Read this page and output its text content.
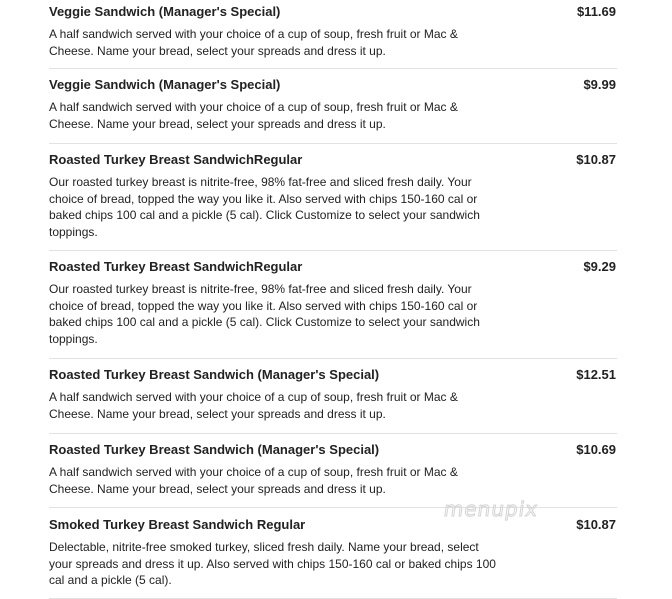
Veggie Sandwich (Manager's Special)	$11.69
A half sandwich served with your choice of a cup of soup, fresh fruit or Mac & Cheese. Name your bread, select your spreads and dress it up.
Veggie Sandwich (Manager's Special)	$9.99
A half sandwich served with your choice of a cup of soup, fresh fruit or Mac & Cheese. Name your bread, select your spreads and dress it up.
Roasted Turkey Breast SandwichRegular	$10.87
Our roasted turkey breast is nitrite-free, 98% fat-free and sliced fresh daily. Your choice of bread, topped the way you like it. Also served with chips 150-160 cal or baked chips 100 cal and a pickle (5 cal). Click Customize to select your sandwich toppings.
Roasted Turkey Breast SandwichRegular	$9.29
Our roasted turkey breast is nitrite-free, 98% fat-free and sliced fresh daily. Your choice of bread, topped the way you like it. Also served with chips 150-160 cal or baked chips 100 cal and a pickle (5 cal). Click Customize to select your sandwich toppings.
Roasted Turkey Breast Sandwich (Manager's Special)	$12.51
A half sandwich served with your choice of a cup of soup, fresh fruit or Mac & Cheese. Name your bread, select your spreads and dress it up.
Roasted Turkey Breast Sandwich (Manager's Special)	$10.69
A half sandwich served with your choice of a cup of soup, fresh fruit or Mac & Cheese. Name your bread, select your spreads and dress it up.
Smoked Turkey Breast Sandwich Regular	$10.87
Delectable, nitrite-free smoked turkey, sliced fresh daily. Name your bread, select your spreads and dress it up. Also served with chips 150-160 cal or baked chips 100 cal and a pickle (5 cal).
menupix
